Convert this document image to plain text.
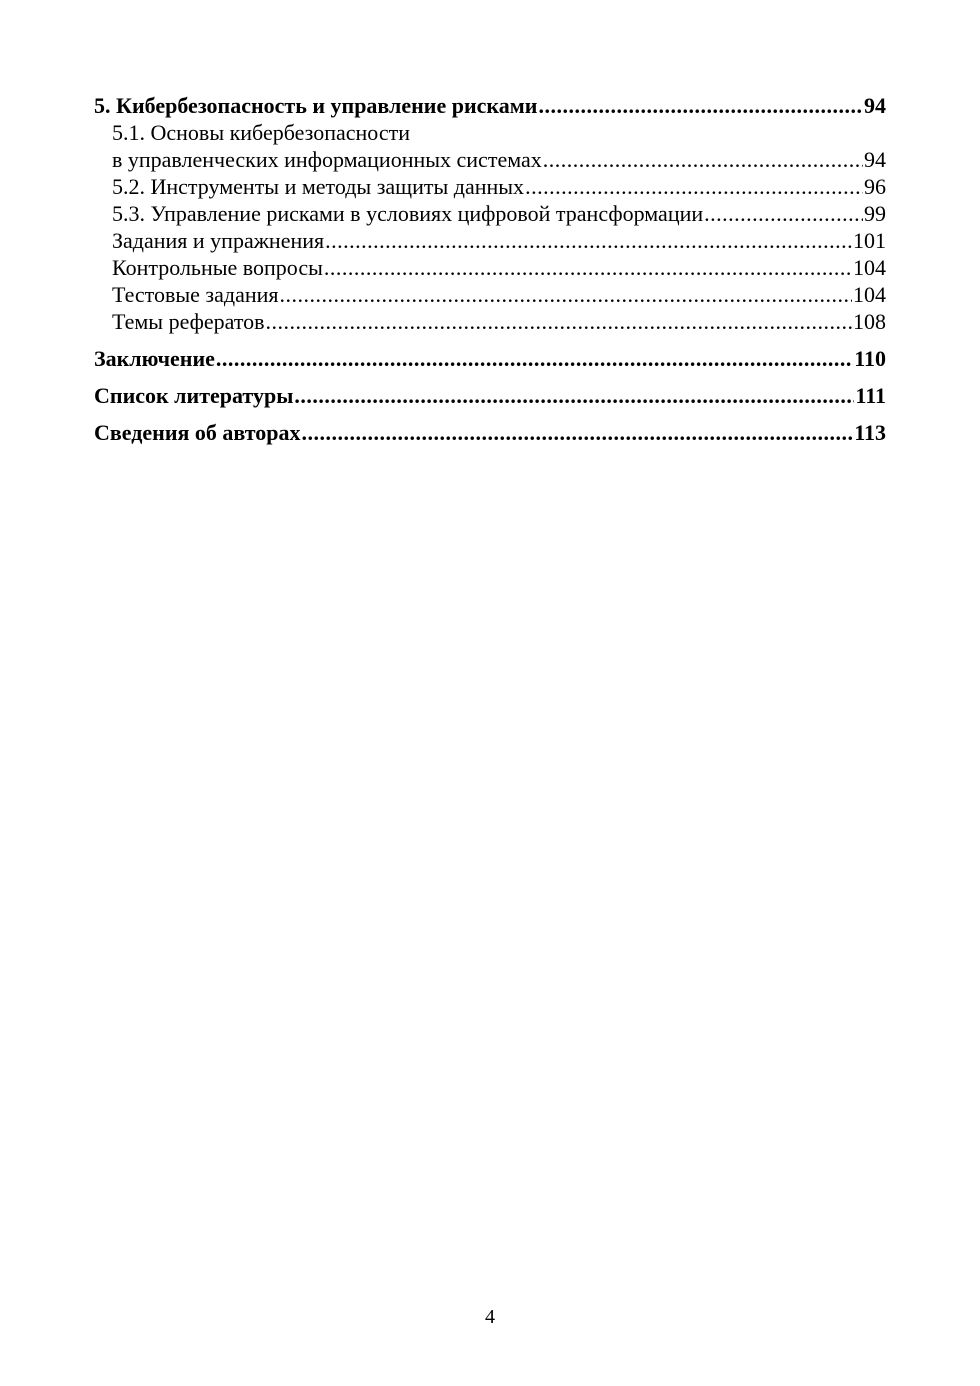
5. Кибербезопасность и управление рисками .....	94
5.1. Основы кибербезопасности
в управленческих информационных системах .....	94
5.2. Инструменты и методы защиты данных .....	96
5.3. Управление рисками в условиях цифровой трансформации .....	99
Задания и упражнения .....	101
Контрольные вопросы .....	104
Тестовые задания .....	104
Темы рефератов .....	108
Заключение .....	110
Список литературы .....	111
Сведения об авторах .....	113
4
